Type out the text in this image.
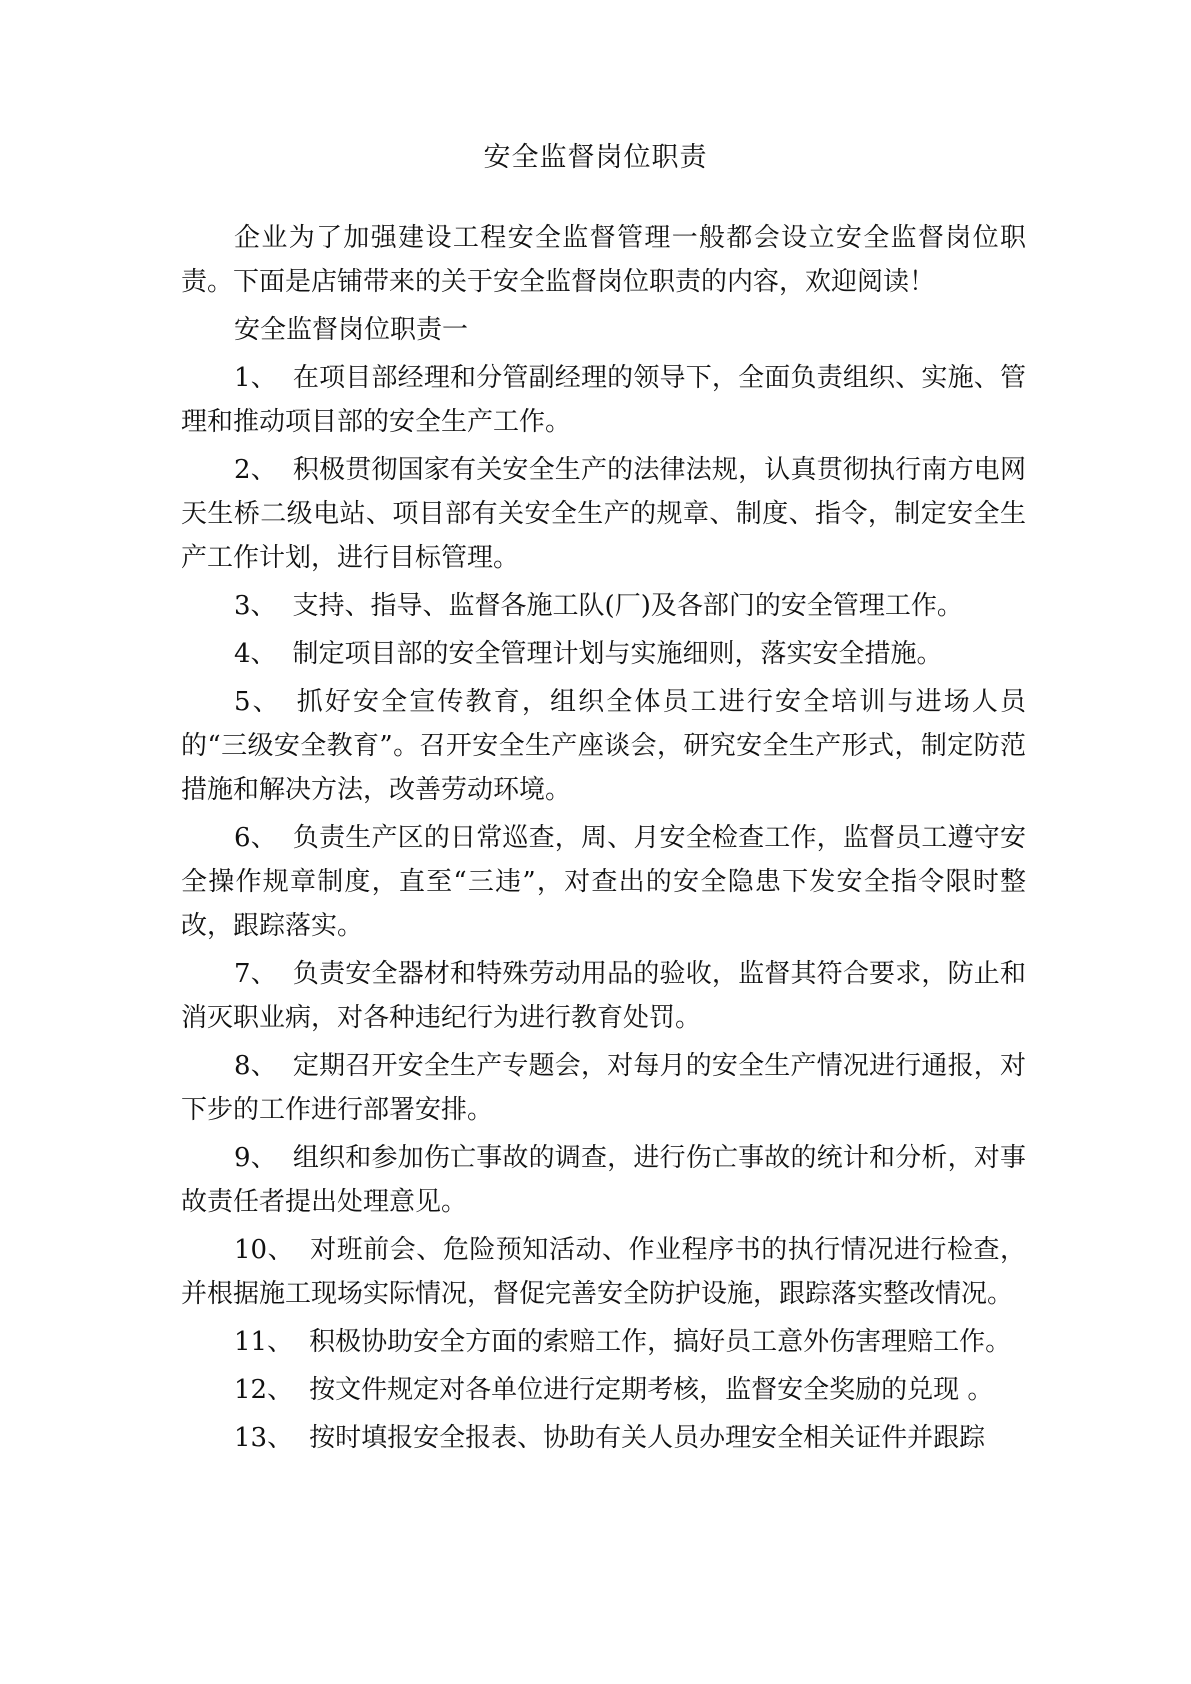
安全监督岗位职责

企业为了加强建设工程安全监督管理一般都会设立安全监督岗位职责。下面是店铺带来的关于安全监督岗位职责的内容，欢迎阅读！

安全监督岗位职责一

1、 在项目部经理和分管副经理的领导下，全面负责组织、实施、管理和推动项目部的安全生产工作。

2、 积极贯彻国家有关安全生产的法律法规，认真贯彻执行南方电网天生桥二级电站、项目部有关安全生产的规章、制度、指令，制定安全生产工作计划，进行目标管理。

3、 支持、指导、监督各施工队(厂)及各部门的安全管理工作。

4、 制定项目部的安全管理计划与实施细则，落实安全措施。

5、 抓好安全宣传教育，组织全体员工进行安全培训与进场人员的“三级安全教育”。召开安全生产座谈会，研究安全生产形式，制定防范措施和解决方法，改善劳动环境。

6、 负责生产区的日常巡查，周、月安全检查工作，监督员工遵守安全操作规章制度，直至“三违”，对查出的安全隐患下发安全指令限时整改，跟踪落实。

7、 负责安全器材和特殊劳动用品的验收，监督其符合要求，防止和消灭职业病，对各种违纪行为进行教育处罚。

8、 定期召开安全生产专题会，对每月的安全生产情况进行通报，对下步的工作进行部署安排。

9、 组织和参加伤亡事故的调查，进行伤亡事故的统计和分析，对事故责任者提出处理意见。

10、 对班前会、危险预知活动、作业程序书的执行情况进行检查，并根据施工现场实际情况，督促完善安全防护设施，跟踪落实整改情况。

11、 积极协助安全方面的索赔工作，搞好员工意外伤害理赔工作。

12、 按文件规定对各单位进行定期考核，监督安全奖励的兑现 。

13、 按时填报安全报表、协助有关人员办理安全相关证件并跟踪
